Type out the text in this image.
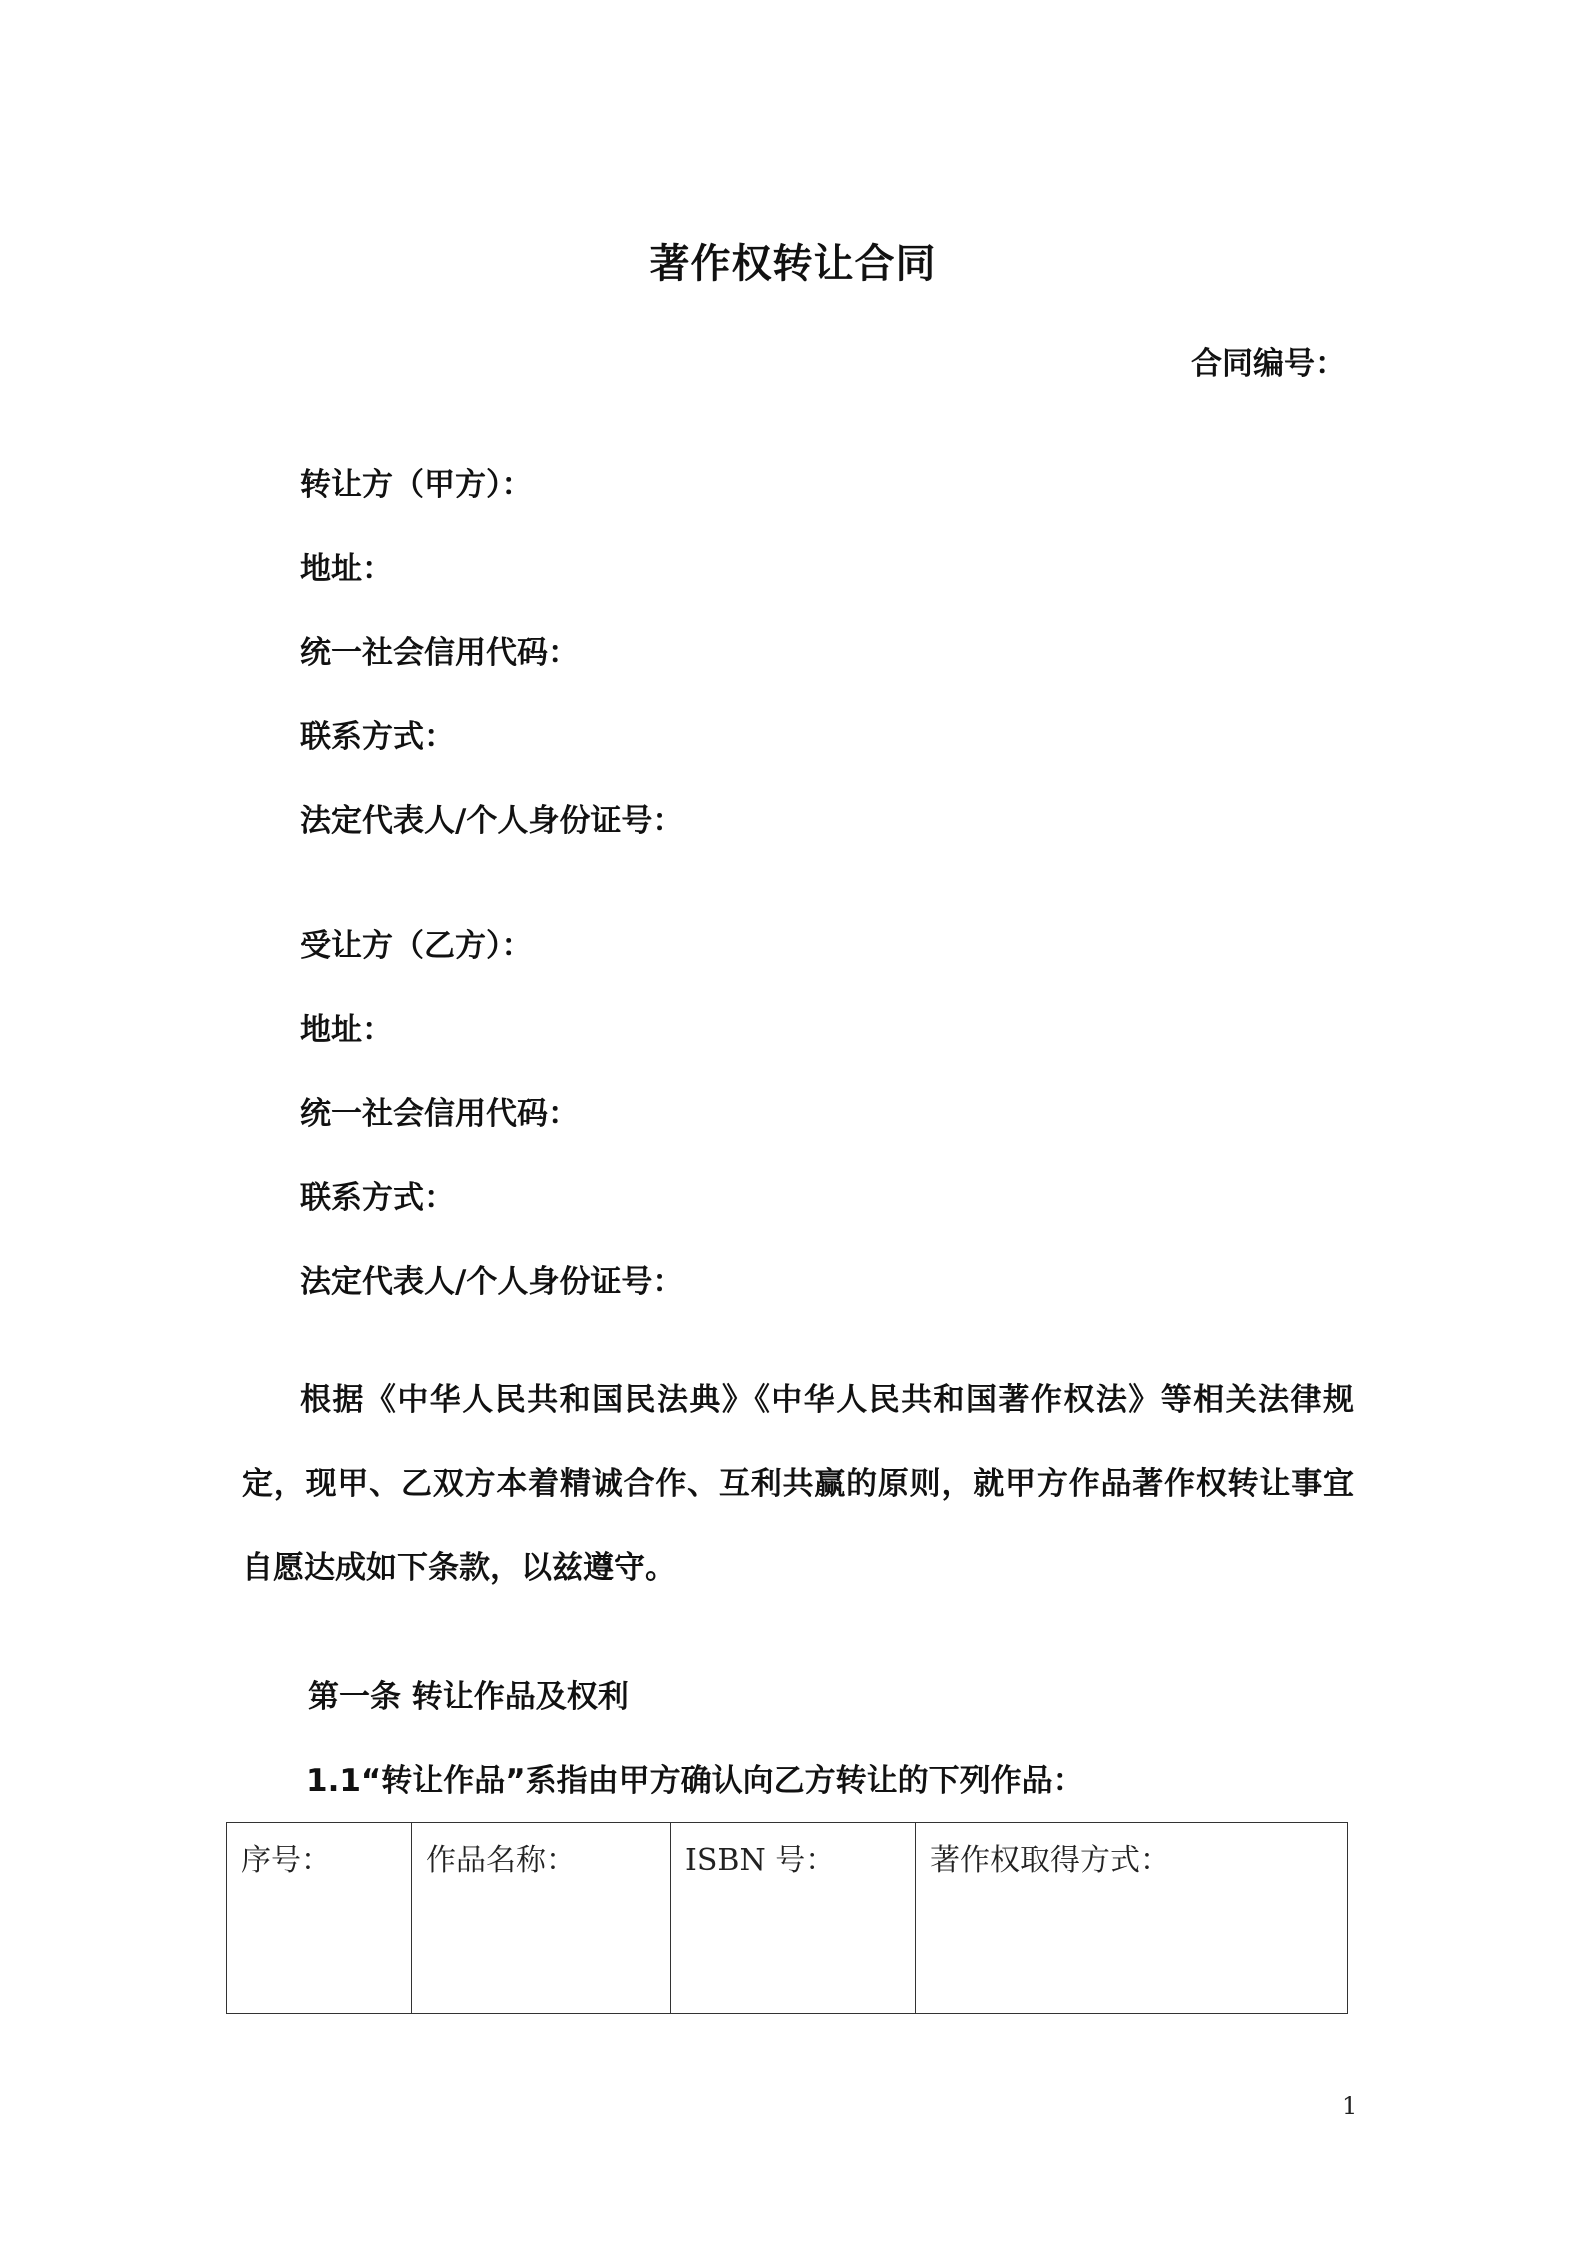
著作权转让合同
合同编号：
转让方（甲方）：
地址：
统一社会信用代码：
联系方式：
法定代表人/个人身份证号：
受让方（乙方）：
地址：
统一社会信用代码：
联系方式：
法定代表人/个人身份证号：
根据《中华人民共和国民法典》《中华人民共和国著作权法》等相关法律规定，现甲、乙双方本着精诚合作、互利共赢的原则，就甲方作品著作权转让事宜自愿达成如下条款，以兹遵守。
第一条 转让作品及权利
1.1“转让作品”系指由甲方确认向乙方转让的下列作品：
序号：	作品名称：	ISBN 号：	著作权取得方式：
1
